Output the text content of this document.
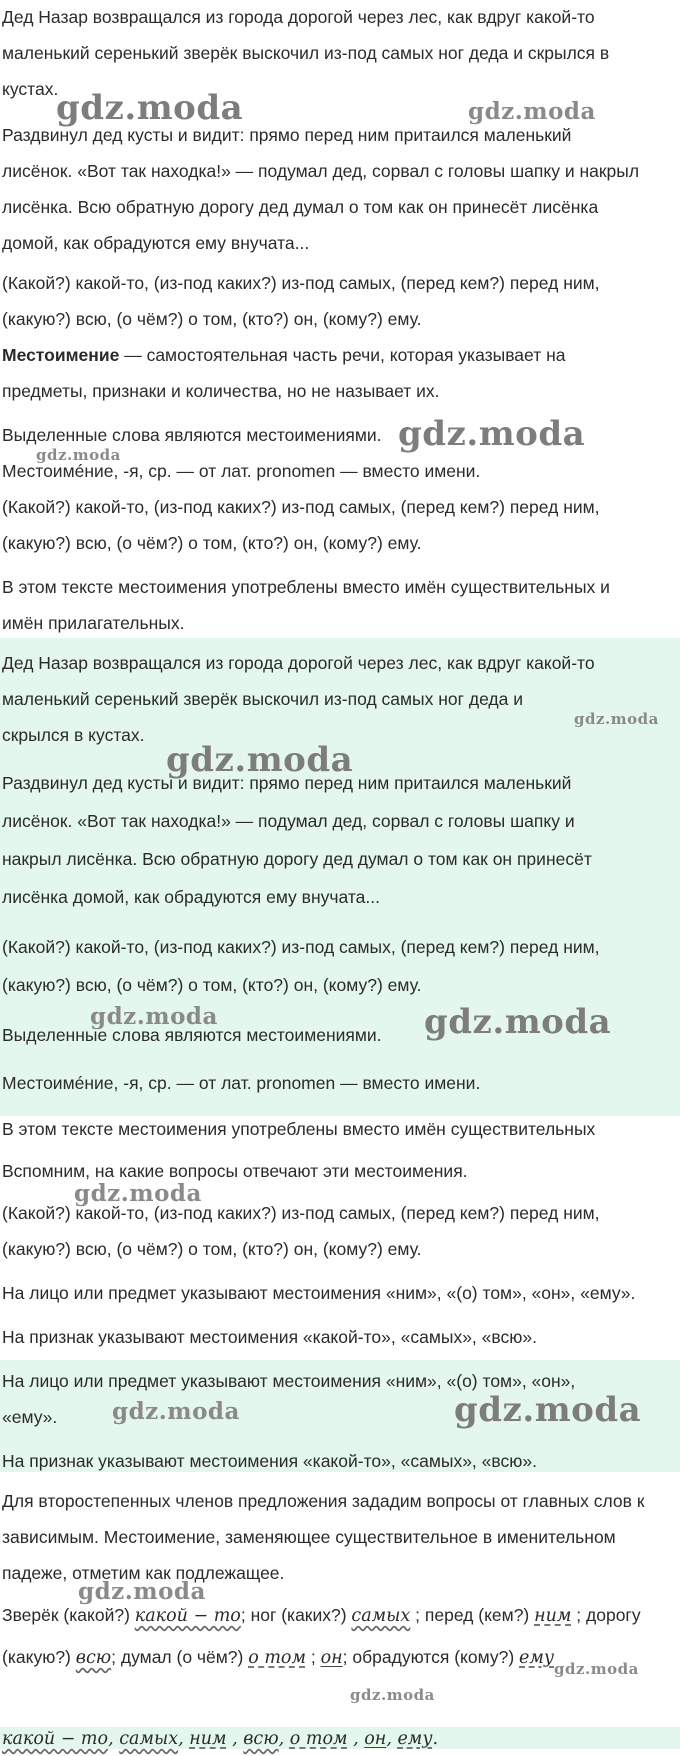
Дед Назар возвращался из города дорогой через лес, как вдруг какой-то
маленький серенький зверёк выскочил из-под самых ног деда и скрылся в
кустах.
Раздвинул дед кусты и видит: прямо перед ним притаился маленький
лисёнок. «Вот так находка!» — подумал дед, сорвал с головы шапку и накрыл
лисёнка. Всю обратную дорогу дед думал о том как он принесёт лисёнка
домой, как обрадуются ему внучата...
(Какой?) какой-то, (из-под каких?) из-под самых, (перед кем?) перед ним,
(какую?) всю, (о чём?) о том, (кто?) он, (кому?) ему.
Местоимение — самостоятельная часть речи, которая указывает на
предметы, признаки и количества, но не называет их.
Выделенные слова являются местоимениями.
Местоимéние, -я, ср. — от лат. pronomen — вместо имени.
(Какой?) какой-то, (из-под каких?) из-под самых, (перед кем?) перед ним,
(какую?) всю, (о чём?) о том, (кто?) он, (кому?) ему.
В этом тексте местоимения употреблены вместо имён существительных и
имён прилагательных.
Дед Назар возвращался из города дорогой через лес, как вдруг какой-то
маленький серенький зверёк выскочил из-под самых ног деда и
скрылся в кустах.
Раздвинул дед кусты и видит: прямо перед ним притаился маленький
лисёнок. «Вот так находка!» — подумал дед, сорвал с головы шапку и
накрыл лисёнка. Всю обратную дорогу дед думал о том как он принесёт
лисёнка домой, как обрадуются ему внучата...
(Какой?) какой-то, (из-под каких?) из-под самых, (перед кем?) перед ним,
(какую?) всю, (о чём?) о том, (кто?) он, (кому?) ему.
Выделенные слова являются местоимениями.
Местоимéние, -я, ср. — от лат. pronomen — вместо имени.
В этом тексте местоимения употреблены вместо имён существительных
Вспомним, на какие вопросы отвечают эти местоимения.
(Какой?) какой-то, (из-под каких?) из-под самых, (перед кем?) перед ним,
(какую?) всю, (о чём?) о том, (кто?) он, (кому?) ему.
На лицо или предмет указывают местоимения «ним», «(о) том», «он», «ему».
На признак указывают местоимения «какой-то», «самых», «всю».
На лицо или предмет указывают местоимения «ним», «(о) том», «он»,
«ему».
На признак указывают местоимения «какой-то», «самых», «всю».
Для второстепенных членов предложения зададим вопросы от главных слов к
зависимым. Местоимение, заменяющее существительное в именительном
падеже, отметим как подлежащее.
Зверёк (какой?) какой − то; ног (каких?) самых ; перед (кем?) ним ; дорогу
(какую?) всю; думал (о чём?) о том ; он; обрадуются (кому?) ему
какой − то, самых, ним , всю, о том , он, ему.
gdz.moda	gdz.moda
gdz.moda
gdz.moda
gdz.moda
gdz.moda
gdz.moda	gdz.moda
gdz.moda
gdz.moda	gdz.moda
gdz.moda
gdz.moda
gdz.moda
